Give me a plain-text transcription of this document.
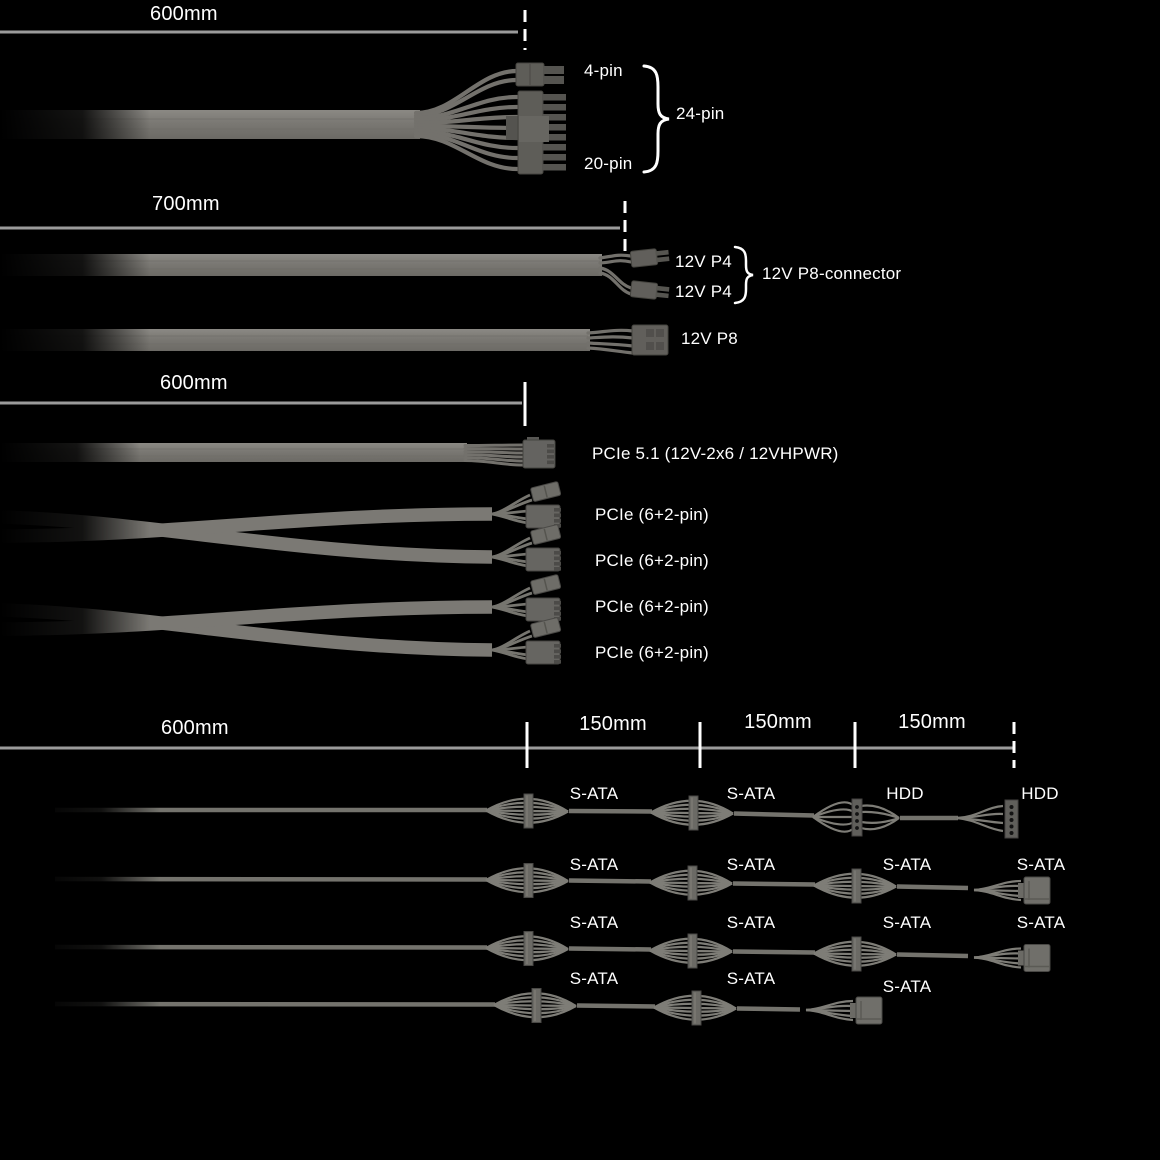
600mm
700mm
600mm
4-pin
20-pin
24-pin
12V P4
12V P4
12V P8-connector
12V P8
PCIe 5.1 (12V-2x6 / 12VHPWR)
PCIe (6+2-pin)
PCIe (6+2-pin)
PCIe (6+2-pin)
PCIe (6+2-pin)
600mm	150mm	150mm	150mm
S-ATA	S-ATA	HDD	HDD
S-ATA	S-ATA	S-ATA	S-ATA
S-ATA	S-ATA	S-ATA	S-ATA
S-ATA	S-ATA	S-ATA
